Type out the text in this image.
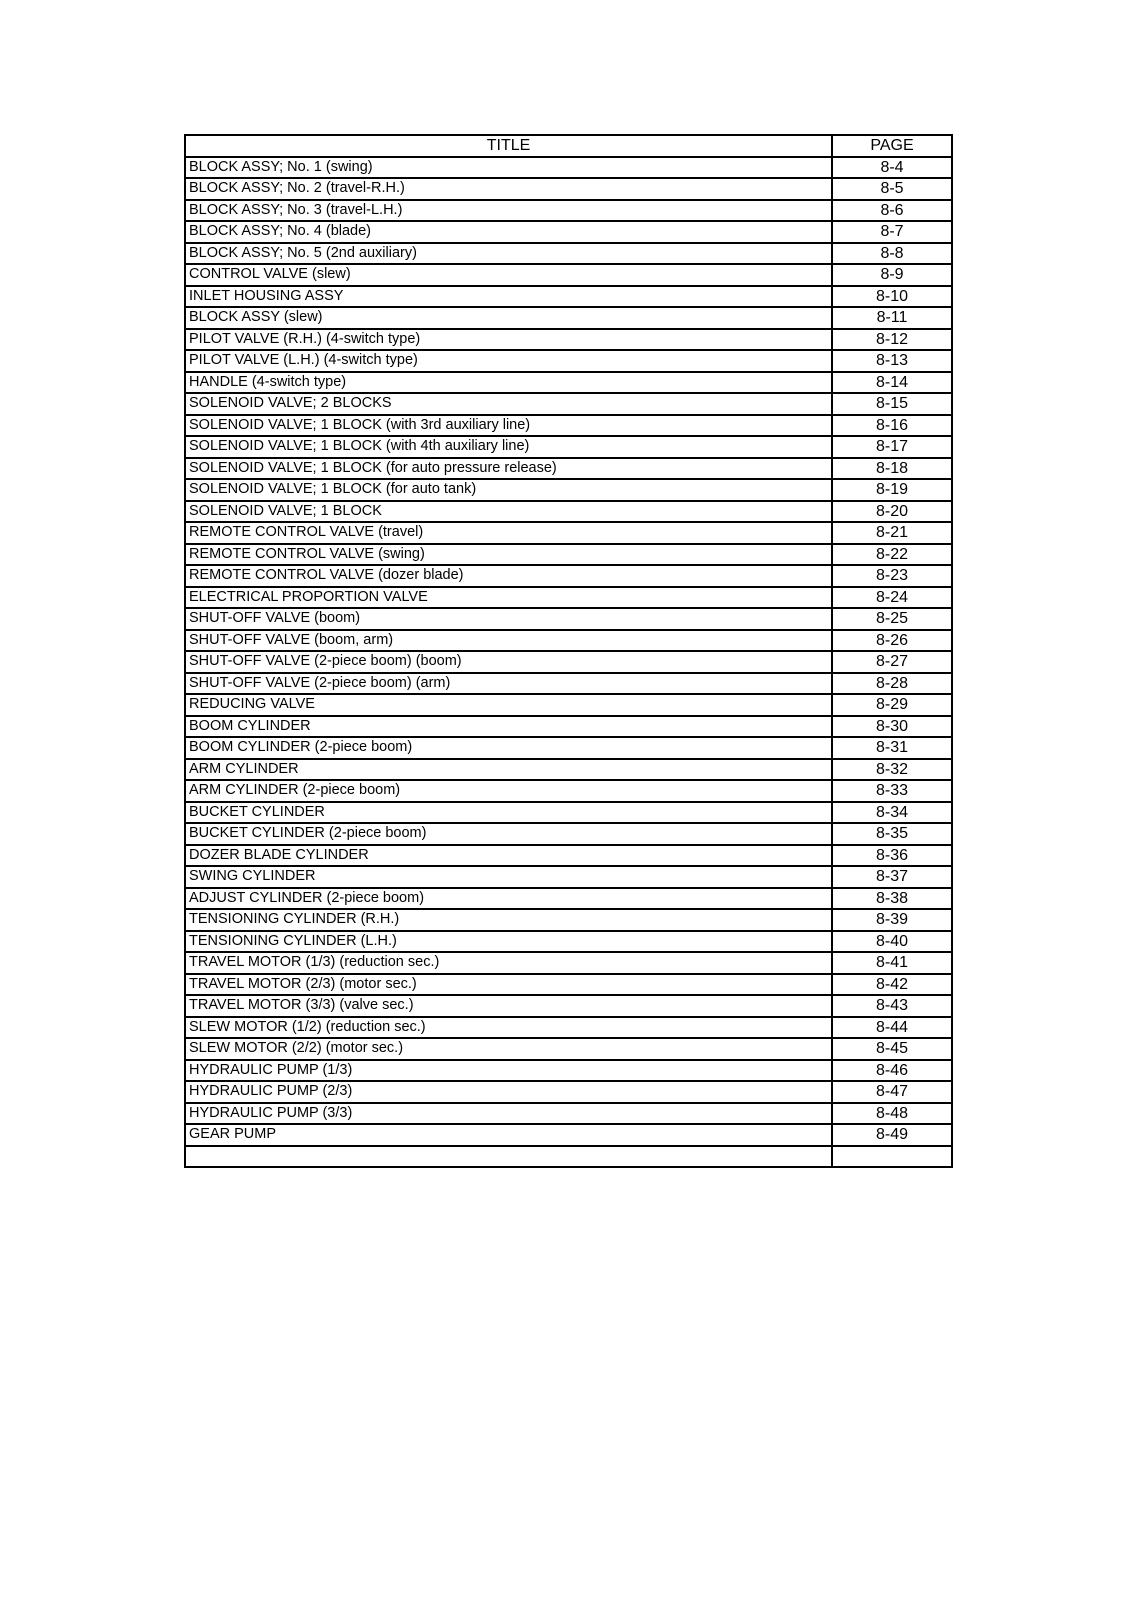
TITLE	PAGE
BLOCK ASSY; No. 1 (swing)	8-4
BLOCK ASSY; No. 2 (travel-R.H.)	8-5
BLOCK ASSY; No. 3 (travel-L.H.)	8-6
BLOCK ASSY; No. 4 (blade)	8-7
BLOCK ASSY; No. 5 (2nd auxiliary)	8-8
CONTROL VALVE (slew)	8-9
INLET HOUSING ASSY	8-10
BLOCK ASSY (slew)	8-11
PILOT VALVE (R.H.) (4-switch type)	8-12
PILOT VALVE (L.H.) (4-switch type)	8-13
HANDLE (4-switch type)	8-14
SOLENOID VALVE; 2 BLOCKS	8-15
SOLENOID VALVE; 1 BLOCK (with 3rd auxiliary line)	8-16
SOLENOID VALVE; 1 BLOCK (with 4th auxiliary line)	8-17
SOLENOID VALVE; 1 BLOCK (for auto pressure release)	8-18
SOLENOID VALVE; 1 BLOCK (for auto tank)	8-19
SOLENOID VALVE; 1 BLOCK	8-20
REMOTE CONTROL VALVE (travel)	8-21
REMOTE CONTROL VALVE (swing)	8-22
REMOTE CONTROL VALVE (dozer blade)	8-23
ELECTRICAL PROPORTION VALVE	8-24
SHUT-OFF VALVE (boom)	8-25
SHUT-OFF VALVE (boom, arm)	8-26
SHUT-OFF VALVE (2-piece boom) (boom)	8-27
SHUT-OFF VALVE (2-piece boom) (arm)	8-28
REDUCING VALVE	8-29
BOOM CYLINDER	8-30
BOOM CYLINDER (2-piece boom)	8-31
ARM CYLINDER	8-32
ARM CYLINDER (2-piece boom)	8-33
BUCKET CYLINDER	8-34
BUCKET CYLINDER (2-piece boom)	8-35
DOZER BLADE CYLINDER	8-36
SWING CYLINDER	8-37
ADJUST CYLINDER (2-piece boom)	8-38
TENSIONING CYLINDER (R.H.)	8-39
TENSIONING CYLINDER (L.H.)	8-40
TRAVEL MOTOR (1/3) (reduction sec.)	8-41
TRAVEL MOTOR (2/3) (motor sec.)	8-42
TRAVEL MOTOR (3/3) (valve sec.)	8-43
SLEW MOTOR (1/2) (reduction sec.)	8-44
SLEW MOTOR (2/2) (motor sec.)	8-45
HYDRAULIC PUMP (1/3)	8-46
HYDRAULIC PUMP (2/3)	8-47
HYDRAULIC PUMP (3/3)	8-48
GEAR PUMP	8-49
